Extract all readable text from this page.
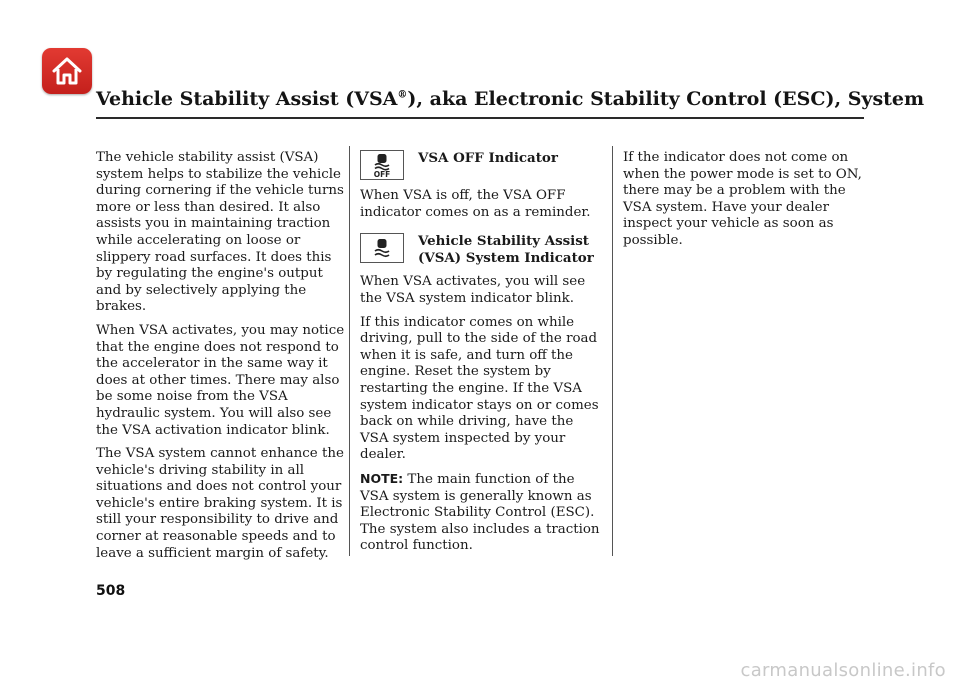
Vehicle Stability Assist (VSA®), aka Electronic Stability Control (ESC), System

The vehicle stability assist (VSA) system helps to stabilize the vehicle during cornering if the vehicle turns more or less than desired. It also assists you in maintaining traction while accelerating on loose or slippery road surfaces. It does this by regulating the engine's output and by selectively applying the brakes.

When VSA activates, you may notice that the engine does not respond to the accelerator in the same way it does at other times. There may also be some noise from the VSA hydraulic system. You will also see the VSA activation indicator blink.

The VSA system cannot enhance the vehicle's driving stability in all situations and does not control your vehicle's entire braking system. It is still your responsibility to drive and corner at reasonable speeds and to leave a sufficient margin of safety.

OFF
VSA OFF Indicator

When VSA is off, the VSA OFF indicator comes on as a reminder.

Vehicle Stability Assist (VSA) System Indicator

When VSA activates, you will see the VSA system indicator blink.

If this indicator comes on while driving, pull to the side of the road when it is safe, and turn off the engine. Reset the system by restarting the engine. If the VSA system indicator stays on or comes back on while driving, have the VSA system inspected by your dealer.

NOTE: The main function of the VSA system is generally known as Electronic Stability Control (ESC). The system also includes a traction control function.

If the indicator does not come on when the power mode is set to ON, there may be a problem with the VSA system. Have your dealer inspect your vehicle as soon as possible.

508
carmanualsonline.info
